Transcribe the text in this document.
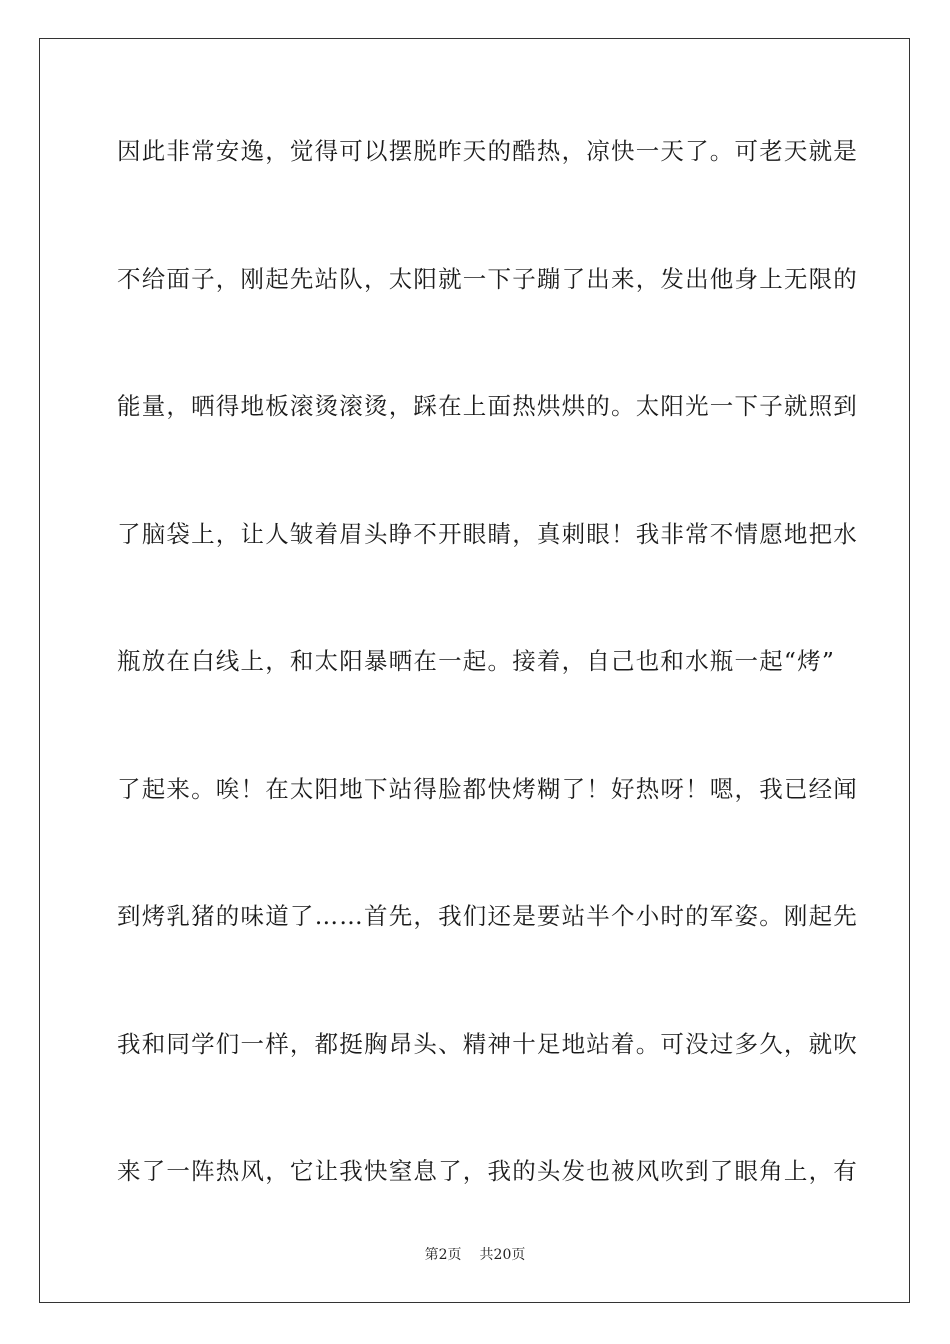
因此非常安逸，觉得可以摆脱昨天的酷热，凉快一天了。可老天就是
不给面子，刚起先站队，太阳就一下子蹦了出来，发出他身上无限的
能量，晒得地板滚烫滚烫，踩在上面热烘烘的。太阳光一下子就照到
了脑袋上，让人皱着眉头睁不开眼睛，真刺眼！我非常不情愿地把水
瓶放在白线上，和太阳暴晒在一起。接着，自己也和水瓶一起“烤”
了起来。唉！在太阳地下站得脸都快烤糊了！好热呀！嗯，我已经闻
到烤乳猪的味道了……首先，我们还是要站半个小时的军姿。刚起先
我和同学们一样，都挺胸昂头、精神十足地站着。可没过多久，就吹
来了一阵热风，它让我快窒息了，我的头发也被风吹到了眼角上，有
第2页 共20页
